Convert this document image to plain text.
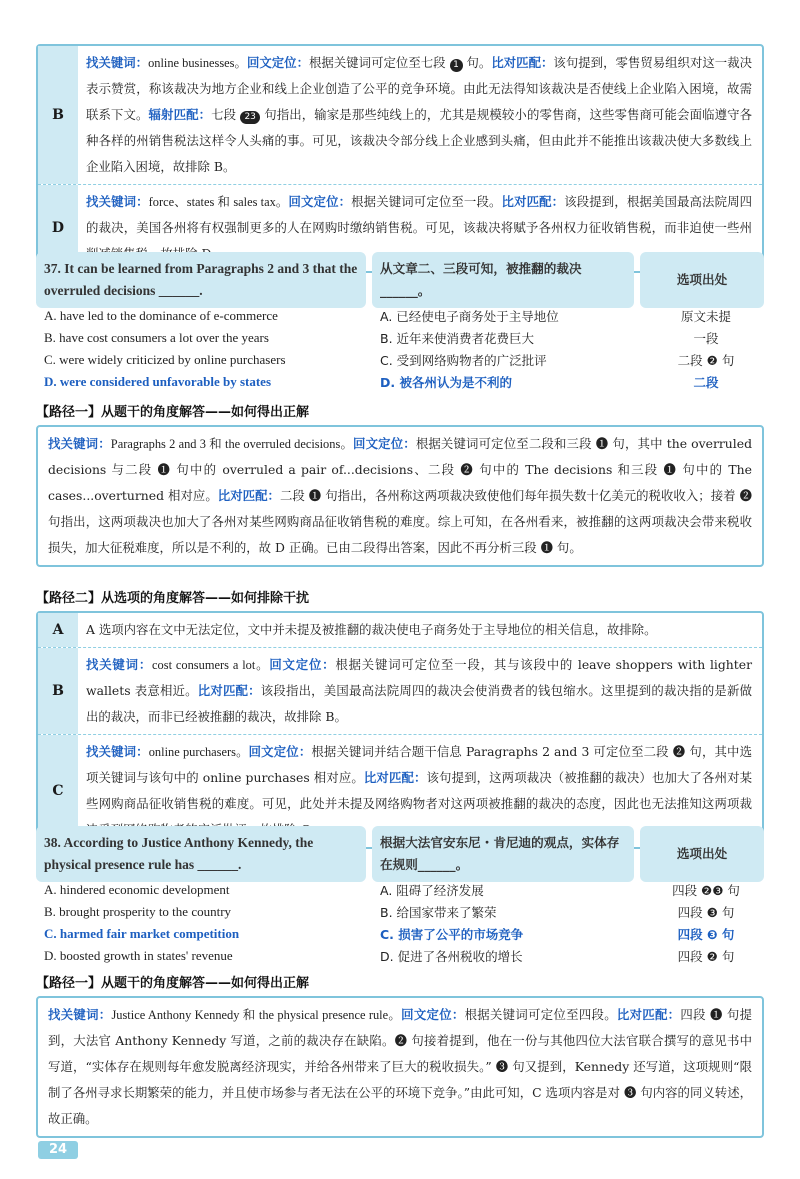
B
找关键词：online businesses。回文定位：根据关键词可定位至七段 1 句。比对匹配：该句提到，零售贸易组织对这一裁决表示赞赏，称该裁决为地方企业和线上企业创造了公平的竞争环境。由此无法得知该裁决是否使线上企业陷入困境，故需联系下文。辐射匹配：七段 23 句指出，输家是那些纯线上的，尤其是规模较小的零售商，这些零售商可能会面临遵守各种各样的州销售税法这样令人头痛的事。可见，该裁决令部分线上企业感到头痛，但由此并不能推出该裁决使大多数线上企业陷入困境，故排除 B。
D
找关键词：force、states 和 sales tax。回文定位：根据关键词可定位至一段。比对匹配：该段提到，根据美国最高法院周四的裁决，美国各州将有权强制更多的人在网购时缴纳销售税。可见，该裁决将赋予各州权力征收销售税，而非迫使一些州
37. It can be learned from Paragraphs 2 and 3 that the overruled decisions ______.
从文章二、三段可知，被推翻的裁决______。
选项出处
A. have led to the dominance of e-commerce	A. 已经使电子商务处于主导地位	原文未提
B. have cost consumers a lot over the years	B. 近年来使消费者花费巨大	一段
C. were widely criticized by online purchasers	C. 受到网络购物者的广泛批评	二段 ❷ 句
D. were considered unfavorable by states	D. 被各州认为是不利的	二段
【路径一】从题干的角度解答——如何得出正解
找关键词：Paragraphs 2 and 3 和 the overruled decisions。回文定位：根据关键词可定位至二段和三段 ❶ 句，其中 the overruled decisions 与二段 ❶ 句中的 overruled a pair of...decisions、二段 ❷ 句中的 The decisions 和三段 ❶ 句中的 The cases...overturned 相对应。比对匹配：二段 ❶ 句指出，各州称这两项裁决致使他们每年损失数十亿美元的税收收入；接着 ❷ 句指出，这两项裁决也加大了各州对某些网购商品征收销售税的难度。综上可知，在各州看来，被推翻的这两项裁决会带来税收损失，加大征税难度，所以是不利的，故 D 正确。已由二段得出答案，因此不再分析三段 ❶ 句。
【路径二】从选项的角度解答——如何排除干扰
A	A 选项内容在文中无法定位，文中并未提及被推翻的裁决使电子商务处于主导地位的相关信息，故排除。
B
找关键词：cost consumers a lot。回文定位：根据关键词可定位至一段，其与该段中的 leave shoppers with lighter wallets 表意相近。比对匹配：该段指出，美国最高法院周四的裁决会使消费者的钱包缩水。这里提到的裁决指的是新做出的裁决，而非已经被推翻的裁决，故排除 B。
C
找关键词：online purchasers。回文定位：根据关键词并结合题干信息 Paragraphs 2 and 3 可定位至二段 ❷ 句，其中选项关键词与该句中的 online purchases 相对应。比对匹配：该句提到，这两项裁决（被推翻的裁决）也加大了各州对某些网购商品征收销售税的难度。可见，此处并未提及网络购物者对这两项被推翻的裁决的态度，因此也无法推知这两项裁
38. According to Justice Anthony Kennedy, the physical presence rule has ______.
根据大法官安东尼・肯尼迪的观点，实体存在规则______。
选项出处
A. hindered economic development	A. 阻碍了经济发展	四段 ❷❸ 句
B. brought prosperity to the country	B. 给国家带来了繁荣	四段 ❸ 句
C. harmed fair market competition	C. 损害了公平的市场竞争	四段 ❸ 句
D. boosted growth in states' revenue	D. 促进了各州税收的增长	四段 ❷ 句
【路径一】从题干的角度解答——如何得出正解
找关键词：Justice Anthony Kennedy 和 the physical presence rule。回文定位：根据关键词可定位至四段。比对匹配：四段 ❶ 句提到，大法官 Anthony Kennedy 写道，之前的裁决存在缺陷。❷ 句接着提到，他在一份与其他四位大法官联合撰写的意见书中写道，“实体存在规则每年愈发脱离经济现实，并给各州带来了巨大的税收损失。” ❸ 句又提到，Kennedy 还写道，这项规则“限制了各州寻求长期繁荣的能力，并且使市场参与者无法在公平的环境下竞争。”由此可知，C 选项内容是对 ❸ 句内容的同义转述，故正确。
24
